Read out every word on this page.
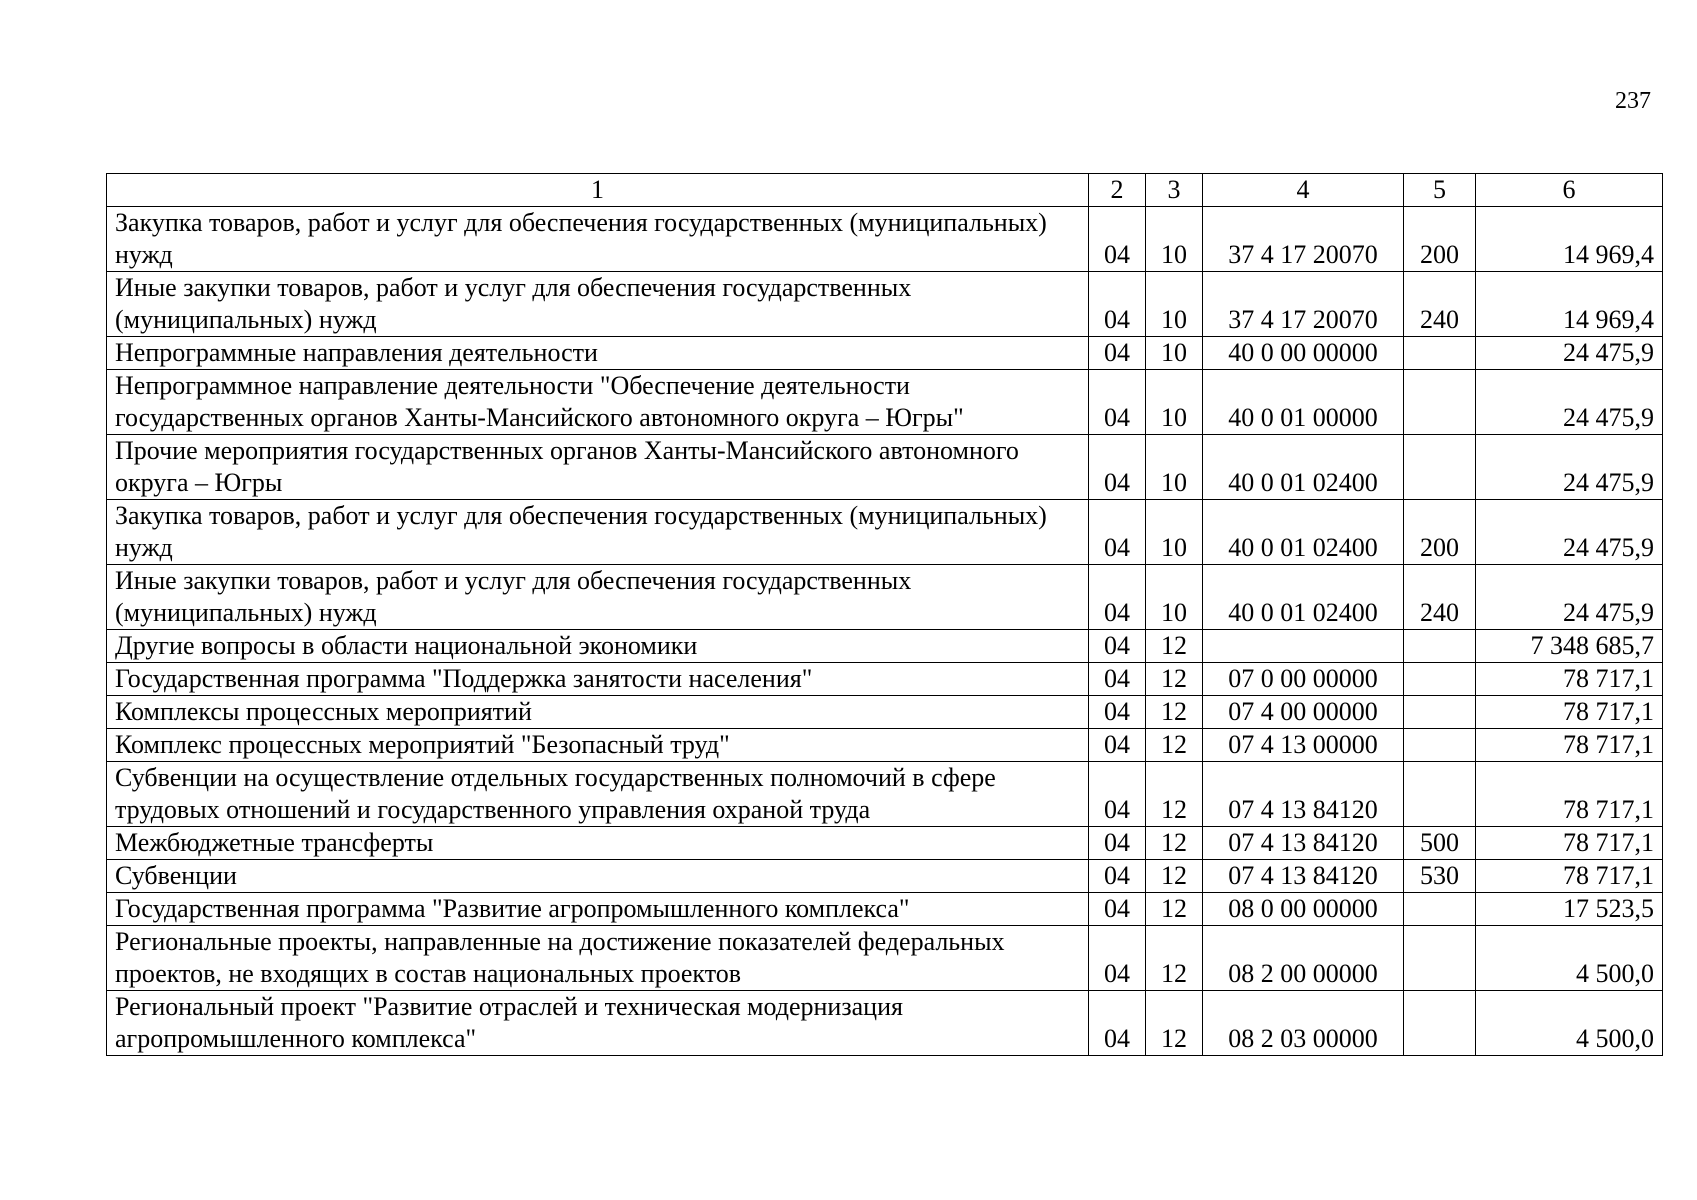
237
1	2	3	4	5	6
Закупка товаров, работ и услуг для обеспечения государственных (муниципальных) нужд	04	10	37 4 17 20070	200	14 969,4
Иные закупки товаров, работ и услуг для обеспечения государственных (муниципальных) нужд	04	10	37 4 17 20070	240	14 969,4
Непрограммные направления деятельности	04	10	40 0 00 00000		24 475,9
Непрограммное направление деятельности "Обеспечение деятельности государственных органов Ханты-Мансийского автономного округа – Югры"	04	10	40 0 01 00000		24 475,9
Прочие мероприятия государственных органов Ханты-Мансийского автономного округа – Югры	04	10	40 0 01 02400		24 475,9
Закупка товаров, работ и услуг для обеспечения государственных (муниципальных) нужд	04	10	40 0 01 02400	200	24 475,9
Иные закупки товаров, работ и услуг для обеспечения государственных (муниципальных) нужд	04	10	40 0 01 02400	240	24 475,9
Другие вопросы в области национальной экономики	04	12			7 348 685,7
Государственная программа "Поддержка занятости населения"	04	12	07 0 00 00000		78 717,1
Комплексы процессных мероприятий	04	12	07 4 00 00000		78 717,1
Комплекс процессных мероприятий "Безопасный труд"	04	12	07 4 13 00000		78 717,1
Субвенции на осуществление отдельных государственных полномочий в сфере трудовых отношений и государственного управления охраной труда	04	12	07 4 13 84120		78 717,1
Межбюджетные трансферты	04	12	07 4 13 84120	500	78 717,1
Субвенции	04	12	07 4 13 84120	530	78 717,1
Государственная программа "Развитие агропромышленного комплекса"	04	12	08 0 00 00000		17 523,5
Региональные проекты, направленные на достижение показателей федеральных проектов, не входящих в состав национальных проектов	04	12	08 2 00 00000		4 500,0
Региональный проект "Развитие отраслей и техническая модернизация агропромышленного комплекса"	04	12	08 2 03 00000		4 500,0
